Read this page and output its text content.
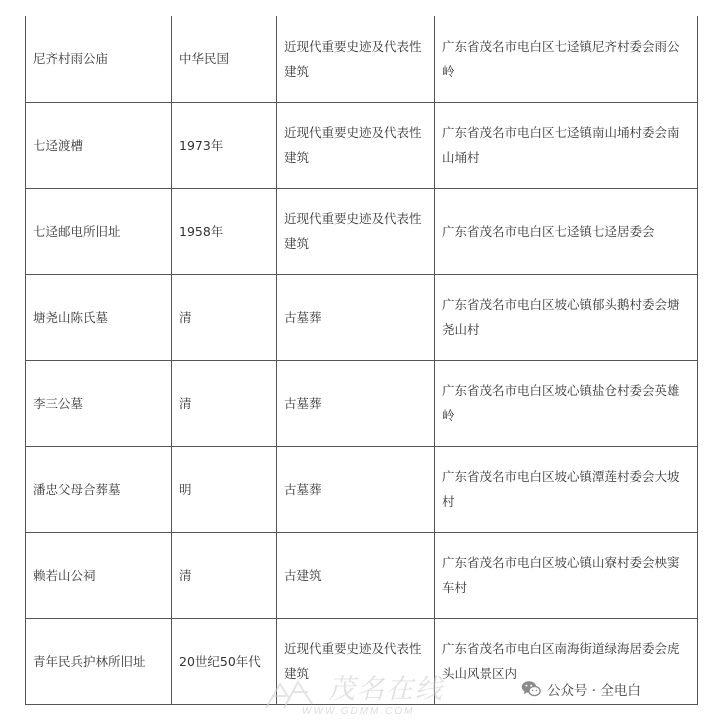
尼齐村雨公庙	中华民国	近现代重要史迹及代表性建筑	广东省茂名市电白区七迳镇尼齐村委会雨公岭
七迳渡槽	1973年	近现代重要史迹及代表性建筑	广东省茂名市电白区七迳镇南山埇村委会南山埇村
七迳邮电所旧址	1958年	近现代重要史迹及代表性建筑	广东省茂名市电白区七迳镇七迳居委会
塘尧山陈氏墓	清	古墓葬	广东省茂名市电白区坡心镇郁头鹅村委会塘尧山村
李三公墓	清	古墓葬	广东省茂名市电白区坡心镇盐仓村委会英雄岭
潘忠父母合葬墓	明	古墓葬	广东省茂名市电白区坡心镇潭莲村委会大坡村
赖若山公祠	清	古建筑	广东省茂名市电白区坡心镇山寮村委会柍窦车村
青年民兵护林所旧址	20世纪50年代	近现代重要史迹及代表性建筑	广东省茂名市电白区南海街道绿海居委会虎头山风景区内
茂名在线
WWW.GDMM.COM
公众号 · 全电白
